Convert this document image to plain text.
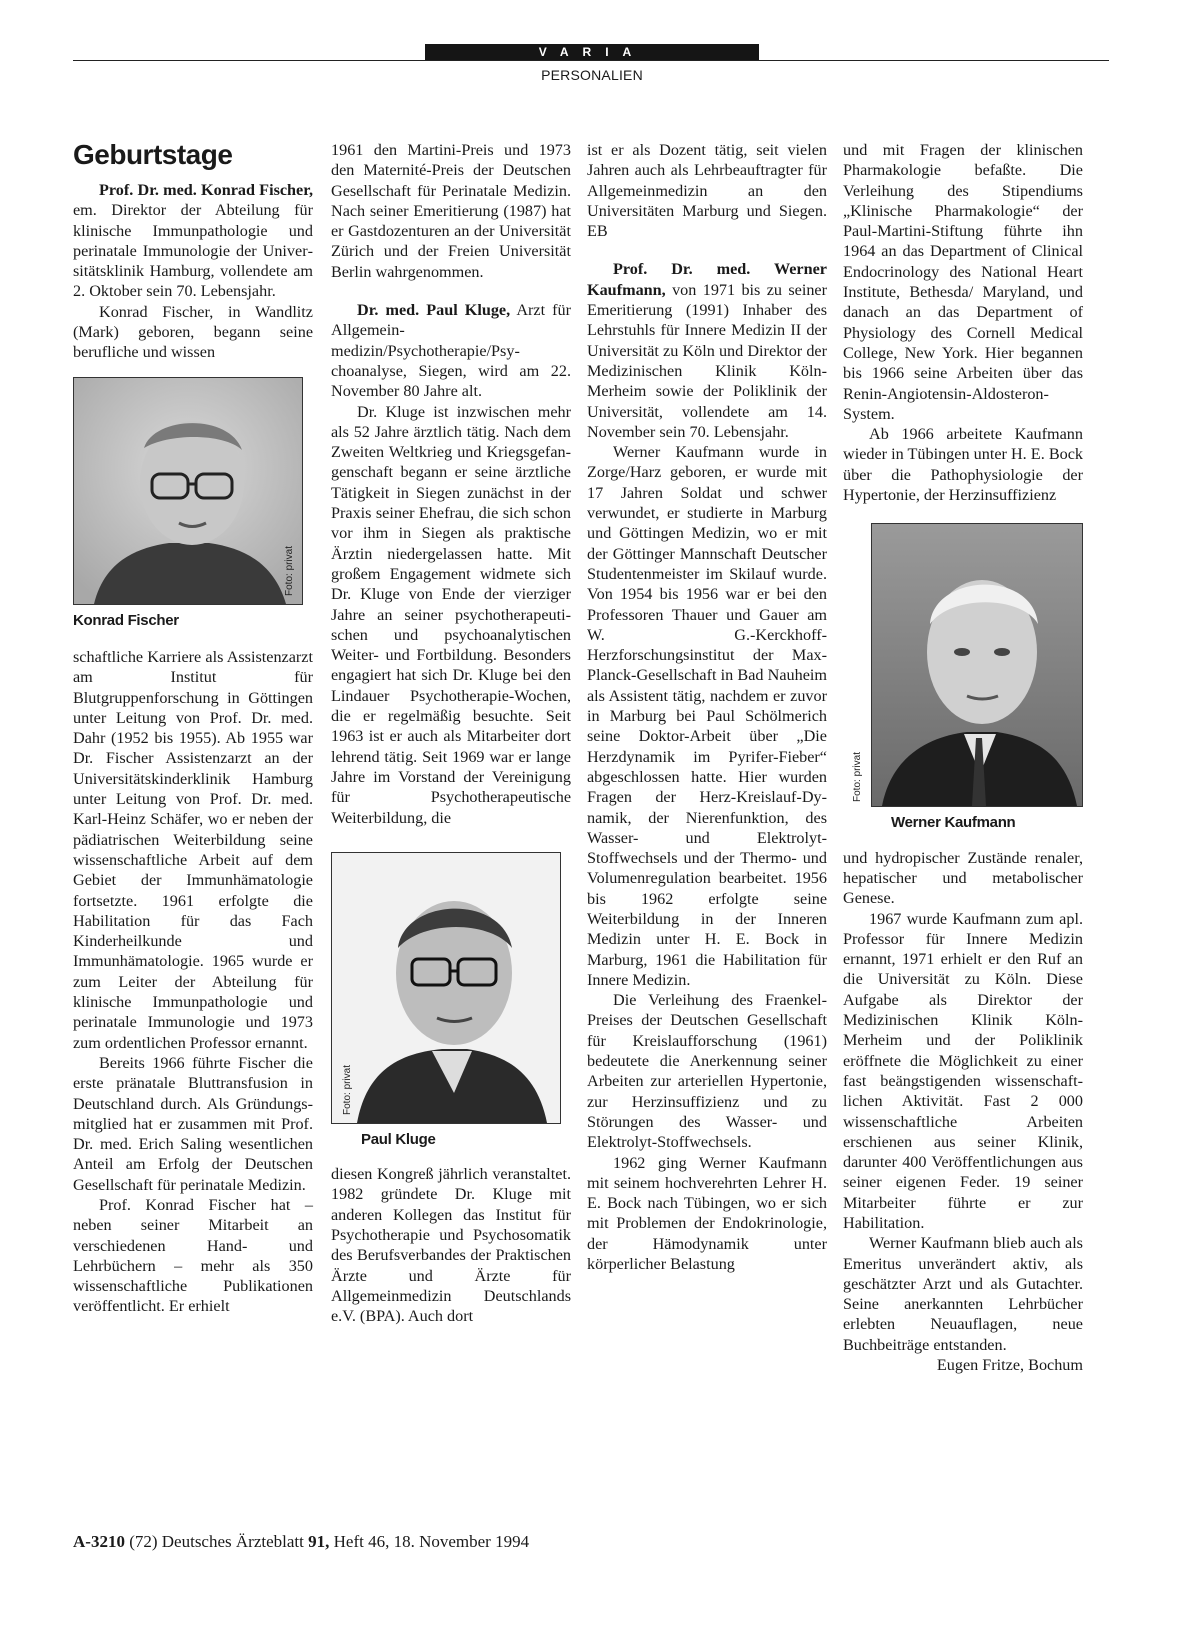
VARIA
PERSONALIEN
Geburtstage

Prof. Dr. med. Konrad Fischer, em. Direktor der Abteilung für klinische Immunpathologie und perinatale Immunologie der Universitätsklinik Hamburg, vollendete am 2. Oktober sein 70. Lebensjahr.

Konrad Fischer, in Wandlitz (Mark) geboren, begann seine berufliche und wissen

Foto: privat
Konrad Fischer

schaftliche Karriere als Assistenzarzt am Institut für Blutgruppenforschung in Göttingen unter Leitung von Prof. Dr. med. Dahr (1952 bis 1955). Ab 1955 war Dr. Fischer Assistenzarzt an der Universitätskinderklinik Hamburg unter Leitung von Prof. Dr. med. Karl-Heinz Schäfer, wo er neben der pädiatrischen Weiterbildung seine wissenschaftliche Arbeit auf dem Gebiet der Immunhämatologie fortsetzte. 1961 erfolgte die Habilitation für das Fach Kinderheilkunde und Immunhämatologie. 1965 wurde er zum Leiter der Abteilung für klinische Immunpathologie und perinatale Immunologie und 1973 zum ordentlichen Professor ernannt.

Bereits 1966 führte Fischer die erste pränatale Bluttransfusion in Deutschland durch. Als Gründungsmitglied hat er zusammen mit Prof. Dr. med. Erich Saling wesentlichen Anteil am Erfolg der Deutschen Gesellschaft für perinatale Medizin.

Prof. Konrad Fischer hat – neben seiner Mitarbeit an verschiedenen Hand- und Lehrbüchern – mehr als 350 wissenschaftliche Publikationen veröffentlicht. Er erhielt

1961 den Martini-Preis und 1973 den Maternité-Preis der Deutschen Gesellschaft für Perinatale Medizin. Nach seiner Emeritierung (1987) hat er Gastdozenturen an der Universität Zürich und der Freien Universität Berlin wahrgenommen.

Dr. med. Paul Kluge, Arzt für Allgemeinmedizin/Psychotherapie/Psychoanalyse, Siegen, wird am 22. November 80 Jahre alt.

Dr. Kluge ist inzwischen mehr als 52 Jahre ärztlich tätig. Nach dem Zweiten Weltkrieg und Kriegsgefangenschaft begann er seine ärztliche Tätigkeit in Siegen zunächst in der Praxis seiner Ehefrau, die sich schon vor ihm in Siegen als praktische Ärztin niedergelassen hatte. Mit großem Engagement widmete sich Dr. Kluge von Ende der vierziger Jahre an seiner psychotherapeutischen und psychoanalytischen Weiter- und Fortbildung. Besonders engagiert hat sich Dr. Kluge bei den Lindauer Psychotherapie-Wochen, die er regelmäßig besuchte. Seit 1963 ist er auch als Mitarbeiter dort lehrend tätig. Seit 1969 war er lange Jahre im Vorstand der Vereinigung für Psychotherapeutische Weiterbildung, die

Foto: privat
Paul Kluge

diesen Kongreß jährlich veranstaltet. 1982 gründete Dr. Kluge mit anderen Kollegen das Institut für Psychotherapie und Psychosomatik des Berufsverbandes der Praktischen Ärzte und Ärzte für Allgemeinmedizin Deutschlands e.V. (BPA). Auch dort

ist er als Dozent tätig, seit vielen Jahren auch als Lehrbeauftragter für Allgemeinmedizin an den Universitäten Marburg und Siegen. EB

Prof. Dr. med. Werner Kaufmann, von 1971 bis zu seiner Emeritierung (1991) Inhaber des Lehrstuhls für Innere Medizin II der Universität zu Köln und Direktor der Medizinischen Klinik Köln-Merheim sowie der Poliklinik der Universität, vollendete am 14. November sein 70. Lebensjahr.

Werner Kaufmann wurde in Zorge/Harz geboren, er wurde mit 17 Jahren Soldat und schwer verwundet, er studierte in Marburg und Göttingen Medizin, wo er mit der Göttinger Mannschaft Deutscher Studentenmeister im Skilauf wurde. Von 1954 bis 1956 war er bei den Professoren Thauer und Gauer am W. G.-Kerckhoff-Herzforschungsinstitut der Max-Planck-Gesellschaft in Bad Nauheim als Assistent tätig, nachdem er zuvor in Marburg bei Paul Schölmerich seine Doktor-Arbeit über „Die Herzdynamik im Pyrifer-Fieber“ abgeschlossen hatte. Hier wurden Fragen der Herz-Kreislauf-Dynamik, der Nierenfunktion, des Wasser- und Elektrolyt-Stoffwechsels und der Thermo- und Volumenregulation bearbeitet. 1956 bis 1962 erfolgte seine Weiterbildung in der Inneren Medizin unter H. E. Bock in Marburg, 1961 die Habilitation für Innere Medizin.

Die Verleihung des Fraenkel-Preises der Deutschen Gesellschaft für Kreislaufforschung (1961) bedeutete die Anerkennung seiner Arbeiten zur arteriellen Hypertonie, zur Herzinsuffizienz und zu Störungen des Wasser- und Elektrolyt-Stoffwechsels.

1962 ging Werner Kaufmann mit seinem hochverehrten Lehrer H. E. Bock nach Tübingen, wo er sich mit Problemen der Endokrinologie, der Hämodynamik unter körperlicher Belastung

und mit Fragen der klinischen Pharmakologie befaßte. Die Verleihung des Stipendiums „Klinische Pharmakologie“ der Paul-Martini-Stiftung führte ihn 1964 an das Department of Clinical Endocrinology des National Heart Institute, Bethesda/ Maryland, und danach an das Department of Physiology des Cornell Medical College, New York. Hier begannen bis 1966 seine Arbeiten über das Renin-Angiotensin-Aldosteron-System.

Ab 1966 arbeitete Kaufmann wieder in Tübingen unter H. E. Bock über die Pathophysiologie der Hypertonie, der Herzinsuffizienz

Foto: privat
Werner Kaufmann

und hydropischer Zustände renaler, hepatischer und metabolischer Genese.

1967 wurde Kaufmann zum apl. Professor für Innere Medizin ernannt, 1971 erhielt er den Ruf an die Universität zu Köln. Diese Aufgabe als Direktor der Medizinischen Klinik Köln-Merheim und der Poliklinik eröffnete die Möglichkeit zu einer fast beängstigenden wissenschaftlichen Aktivität. Fast 2 000 wissenschaftliche Arbeiten erschienen aus seiner Klinik, darunter 400 Veröffentlichungen aus seiner eigenen Feder. 19 seiner Mitarbeiter führte er zur Habilitation.

Werner Kaufmann blieb auch als Emeritus unverändert aktiv, als geschätzter Arzt und als Gutachter. Seine anerkannten Lehrbücher erlebten Neuauflagen, neue Buchbeiträge entstanden.

Eugen Fritze, Bochum

A-3210 (72) Deutsches Ärzteblatt 91, Heft 46, 18. November 1994
